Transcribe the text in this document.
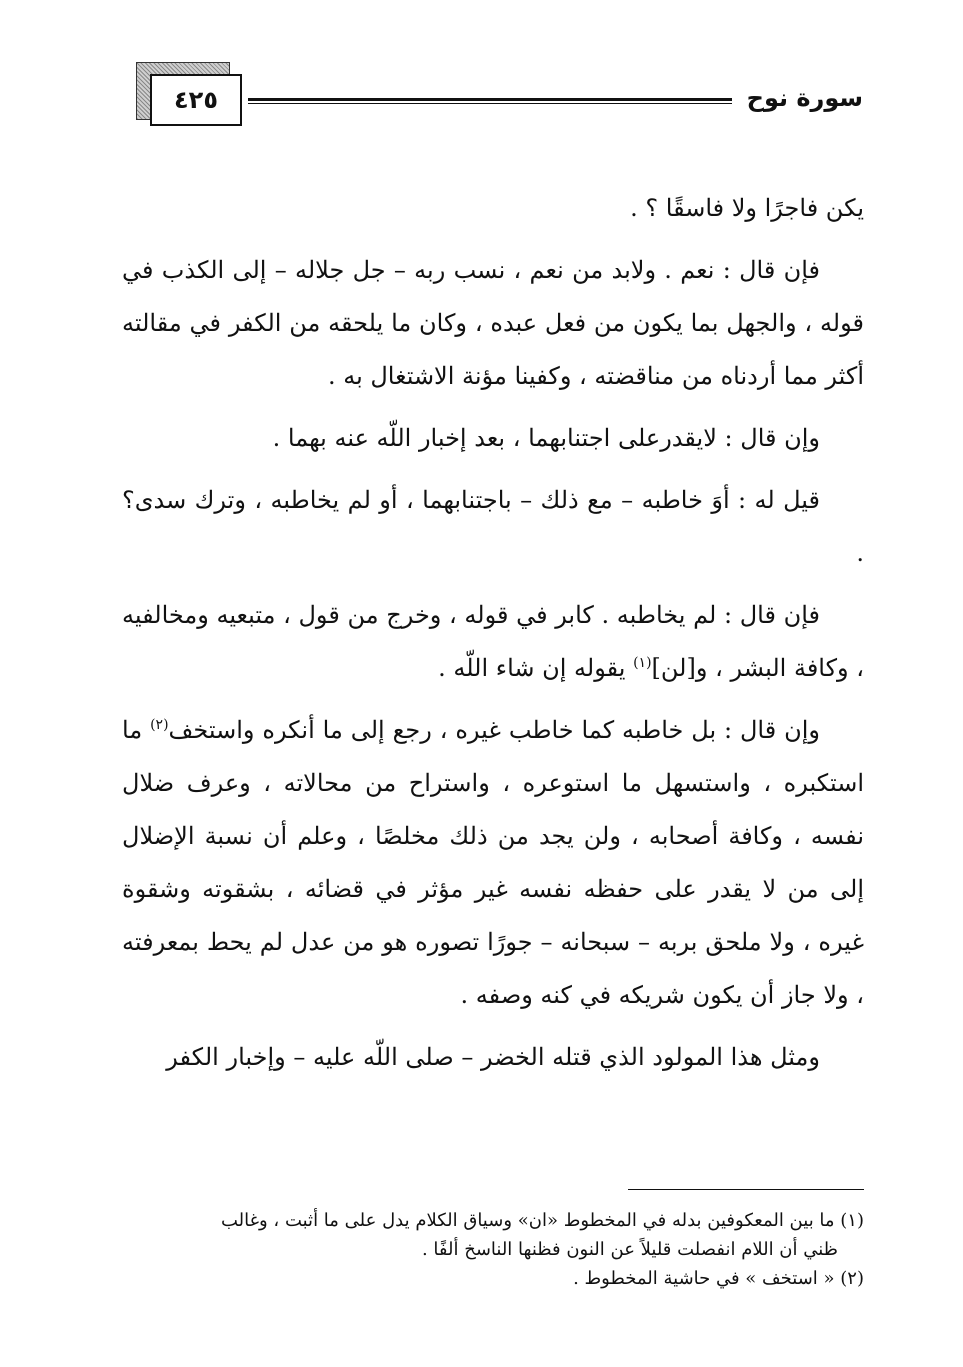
٤٢٥	سورة نوح

يكن فاجرًا ولا فاسقًا ؟ .

فإن قال : نعم . ولابد من نعم ، نسب ربه – جل جلاله – إلى الكذب في قوله ، والجهل بما يكون من فعل عبده ، وكان ما يلحقه من الكفر في مقالته أكثر مما أردناه من مناقضته ، وكفينا مؤنة الاشتغال به .

وإن قال : لايقدرعلى اجتنابهما ، بعد إخبار اللّه عنه بهما .

قيل له : أوَ خاطبه – مع ذلك – باجتنابهما ، أو لم يخاطبه ، وترك سدى؟ .

فإن قال : لم يخاطبه . كابر في قوله ، وخرج من قول ، متبعيه ومخالفيه ، وكافة البشر ، و[لن]$^{(١)}$ يقوله إن شاء اللّه .

وإن قال : بل خاطبه كما خاطب غيره ، رجع إلى ما أنكره واستخف$^{(٢)}$ ما استكبره ، واستسهل ما استوعره ، واستراح من محالاته ، وعرف ضلال نفسه ، وكافة أصحابه ، ولن يجد من ذلك مخلصًا ، وعلم أن نسبة الإضلال إلى من لا يقدر على حفظه نفسه غير مؤثر في قضائه ، بشقوته وشقوة غيره ، ولا ملحق بربه – سبحانه – جورًا تصوره هو من عدل لم يحط بمعرفته ، ولا جاز أن يكون شريكه في كنه وصفه .

ومثل هذا المولود الذي قتله الخضر – صلى اللّه عليه – وإخبار الكفر

(١) ما بين المعكوفين بدله في المخطوط «ان» وسياق الكلام يدل على ما أثبت ، وغالب

ظني أن اللام انفصلت قليلاً عن النون فظنها الناسخ ألفًا .

(٢) « استخف » في حاشية المخطوط .
